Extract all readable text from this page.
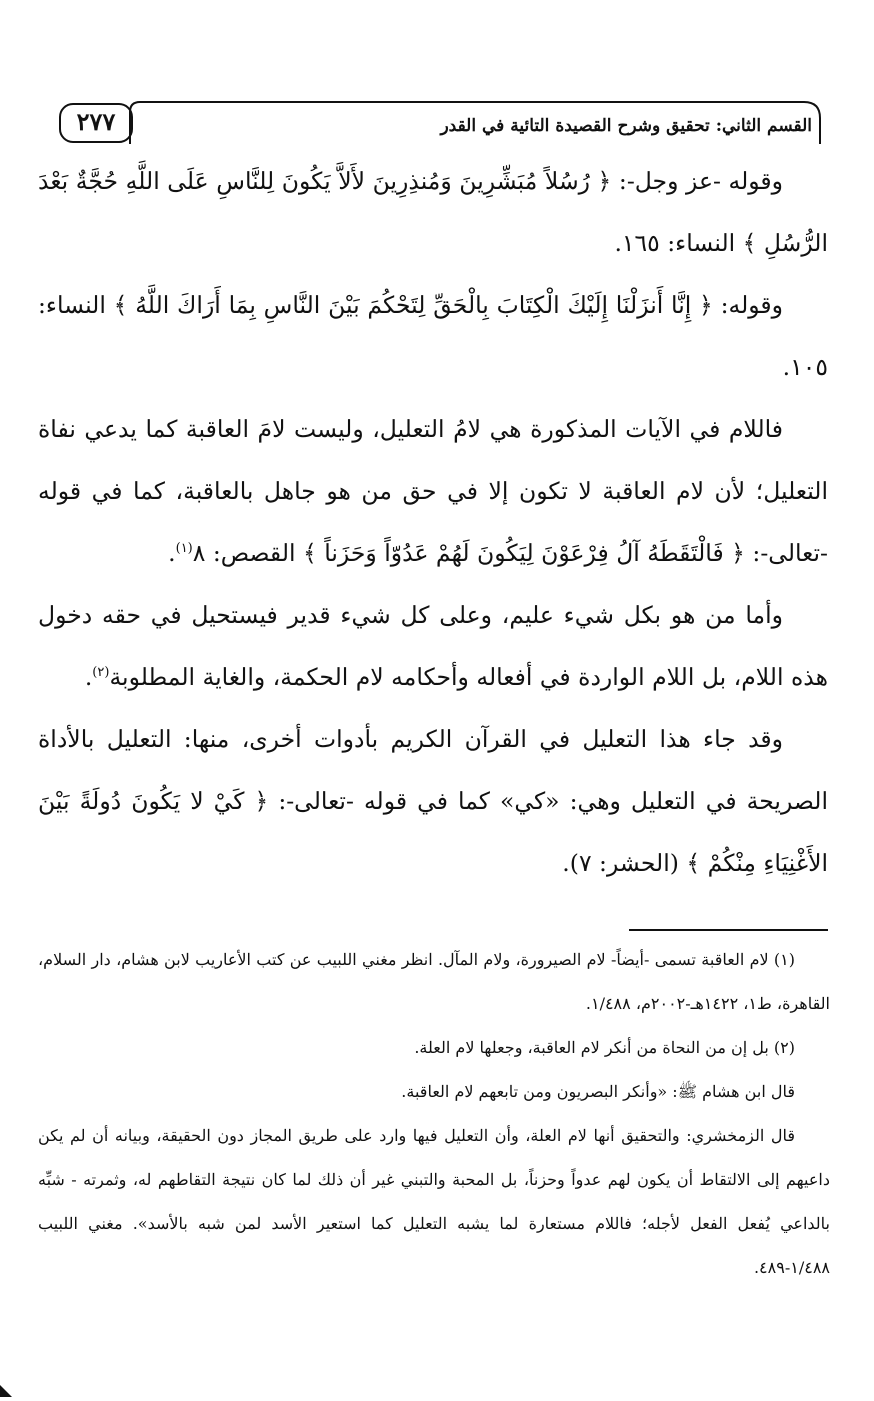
٢٧٧	القسم الثاني: تحقيق وشرح القصيدة التائية في القدر

وقوله -عز وجل-: ﴿ رُسُلاً مُبَشِّرِينَ وَمُنذِرِينَ لأَلاَّ يَكُونَ لِلنَّاسِ عَلَى اللَّهِ حُجَّةٌ بَعْدَ الرُّسُلِ ﴾ النساء: ١٦٥.

وقوله: ﴿ إِنَّا أَنزَلْنَا إِلَيْكَ الْكِتَابَ بِالْحَقِّ لِتَحْكُمَ بَيْنَ النَّاسِ بِمَا أَرَاكَ اللَّهُ ﴾ النساء: ١٠٥.

فاللام في الآيات المذكورة هي لامُ التعليل، وليست لامَ العاقبة كما يدعي نفاة التعليل؛ لأن لام العاقبة لا تكون إلا في حق من هو جاهل بالعاقبة، كما في قوله -تعالى-: ﴿ فَالْتَقَطَهُ آلُ فِرْعَوْنَ لِيَكُونَ لَهُمْ عَدُوّاً وَحَزَناً ﴾ القصص: ٨$^{(١)}$.

وأما من هو بكل شيء عليم، وعلى كل شيء قدير فيستحيل في حقه دخول هذه اللام، بل اللام الواردة في أفعاله وأحكامه لام الحكمة، والغاية المطلوبة$^{(٢)}$.

وقد جاء هذا التعليل في القرآن الكريم بأدوات أخرى، منها: التعليل بالأداة الصريحة في التعليل وهي: «كي» كما في قوله -تعالى-: ﴿ كَيْ لا يَكُونَ دُولَةً بَيْنَ الأَغْنِيَاءِ مِنْكُمْ ﴾ (الحشر: ٧).

(١) لام العاقبة تسمى -أيضاً- لام الصيرورة، ولام المآل. انظر مغني اللبيب عن كتب الأعاريب لابن هشام، دار السلام، القاهرة، ط١، ١٤٢٢هـ-٢٠٠٢م، ١/٤٨٨.

(٢) بل إن من النحاة من أنكر لام العاقبة، وجعلها لام العلة.

قال ابن هشام ﷺ: «وأنكر البصريون ومن تابعهم لام العاقبة.

قال الزمخشري: والتحقيق أنها لام العلة، وأن التعليل فيها وارد على طريق المجاز دون الحقيقة، وبيانه أن لم يكن داعيهم إلى الالتقاط أن يكون لهم عدواً وحزناً، بل المحبة والتبني غير أن ذلك لما كان نتيجة التقاطهم له، وثمرته - شبِّه بالداعي يُفعل الفعل لأجله؛ فاللام مستعارة لما يشبه التعليل كما استعير الأسد لمن شبه بالأسد». مغني اللبيب ١/٤٨٨-٤٨٩.
